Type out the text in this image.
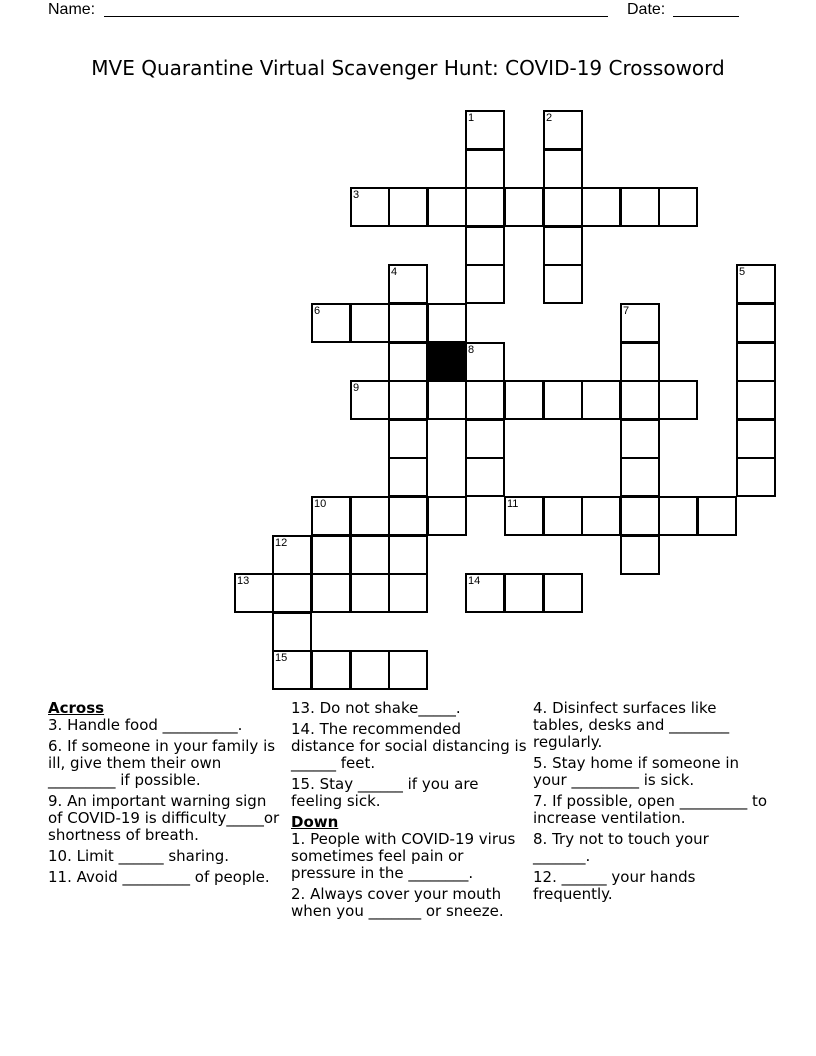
Name:	Date:
MVE Quarantine Virtual Scavenger Hunt: COVID-19 Crossoword
1	2
3
4	5
6	7
8
9
10	11
12
13	14
15

Across

3. Handle food __________.

6. If someone in your family is ill, give them their own _________ if possible.

9. An important warning sign of COVID-19 is difficulty_____or shortness of breath.

10. Limit ______ sharing.

11. Avoid _________ of people.

13. Do not shake_____.

14. The recommended distance for social distancing is ______ feet.

15. Stay ______ if you are feeling sick.

Down

1. People with COVID-19 virus sometimes feel pain or pressure in the ________.

2. Always cover your mouth when you _______ or sneeze.

4. Disinfect surfaces like tables, desks and ________ regularly.

5. Stay home if someone in your _________ is sick.

7. If possible, open _________ to increase ventilation.

8. Try not to touch your _______.

12. ______ your hands frequently.
